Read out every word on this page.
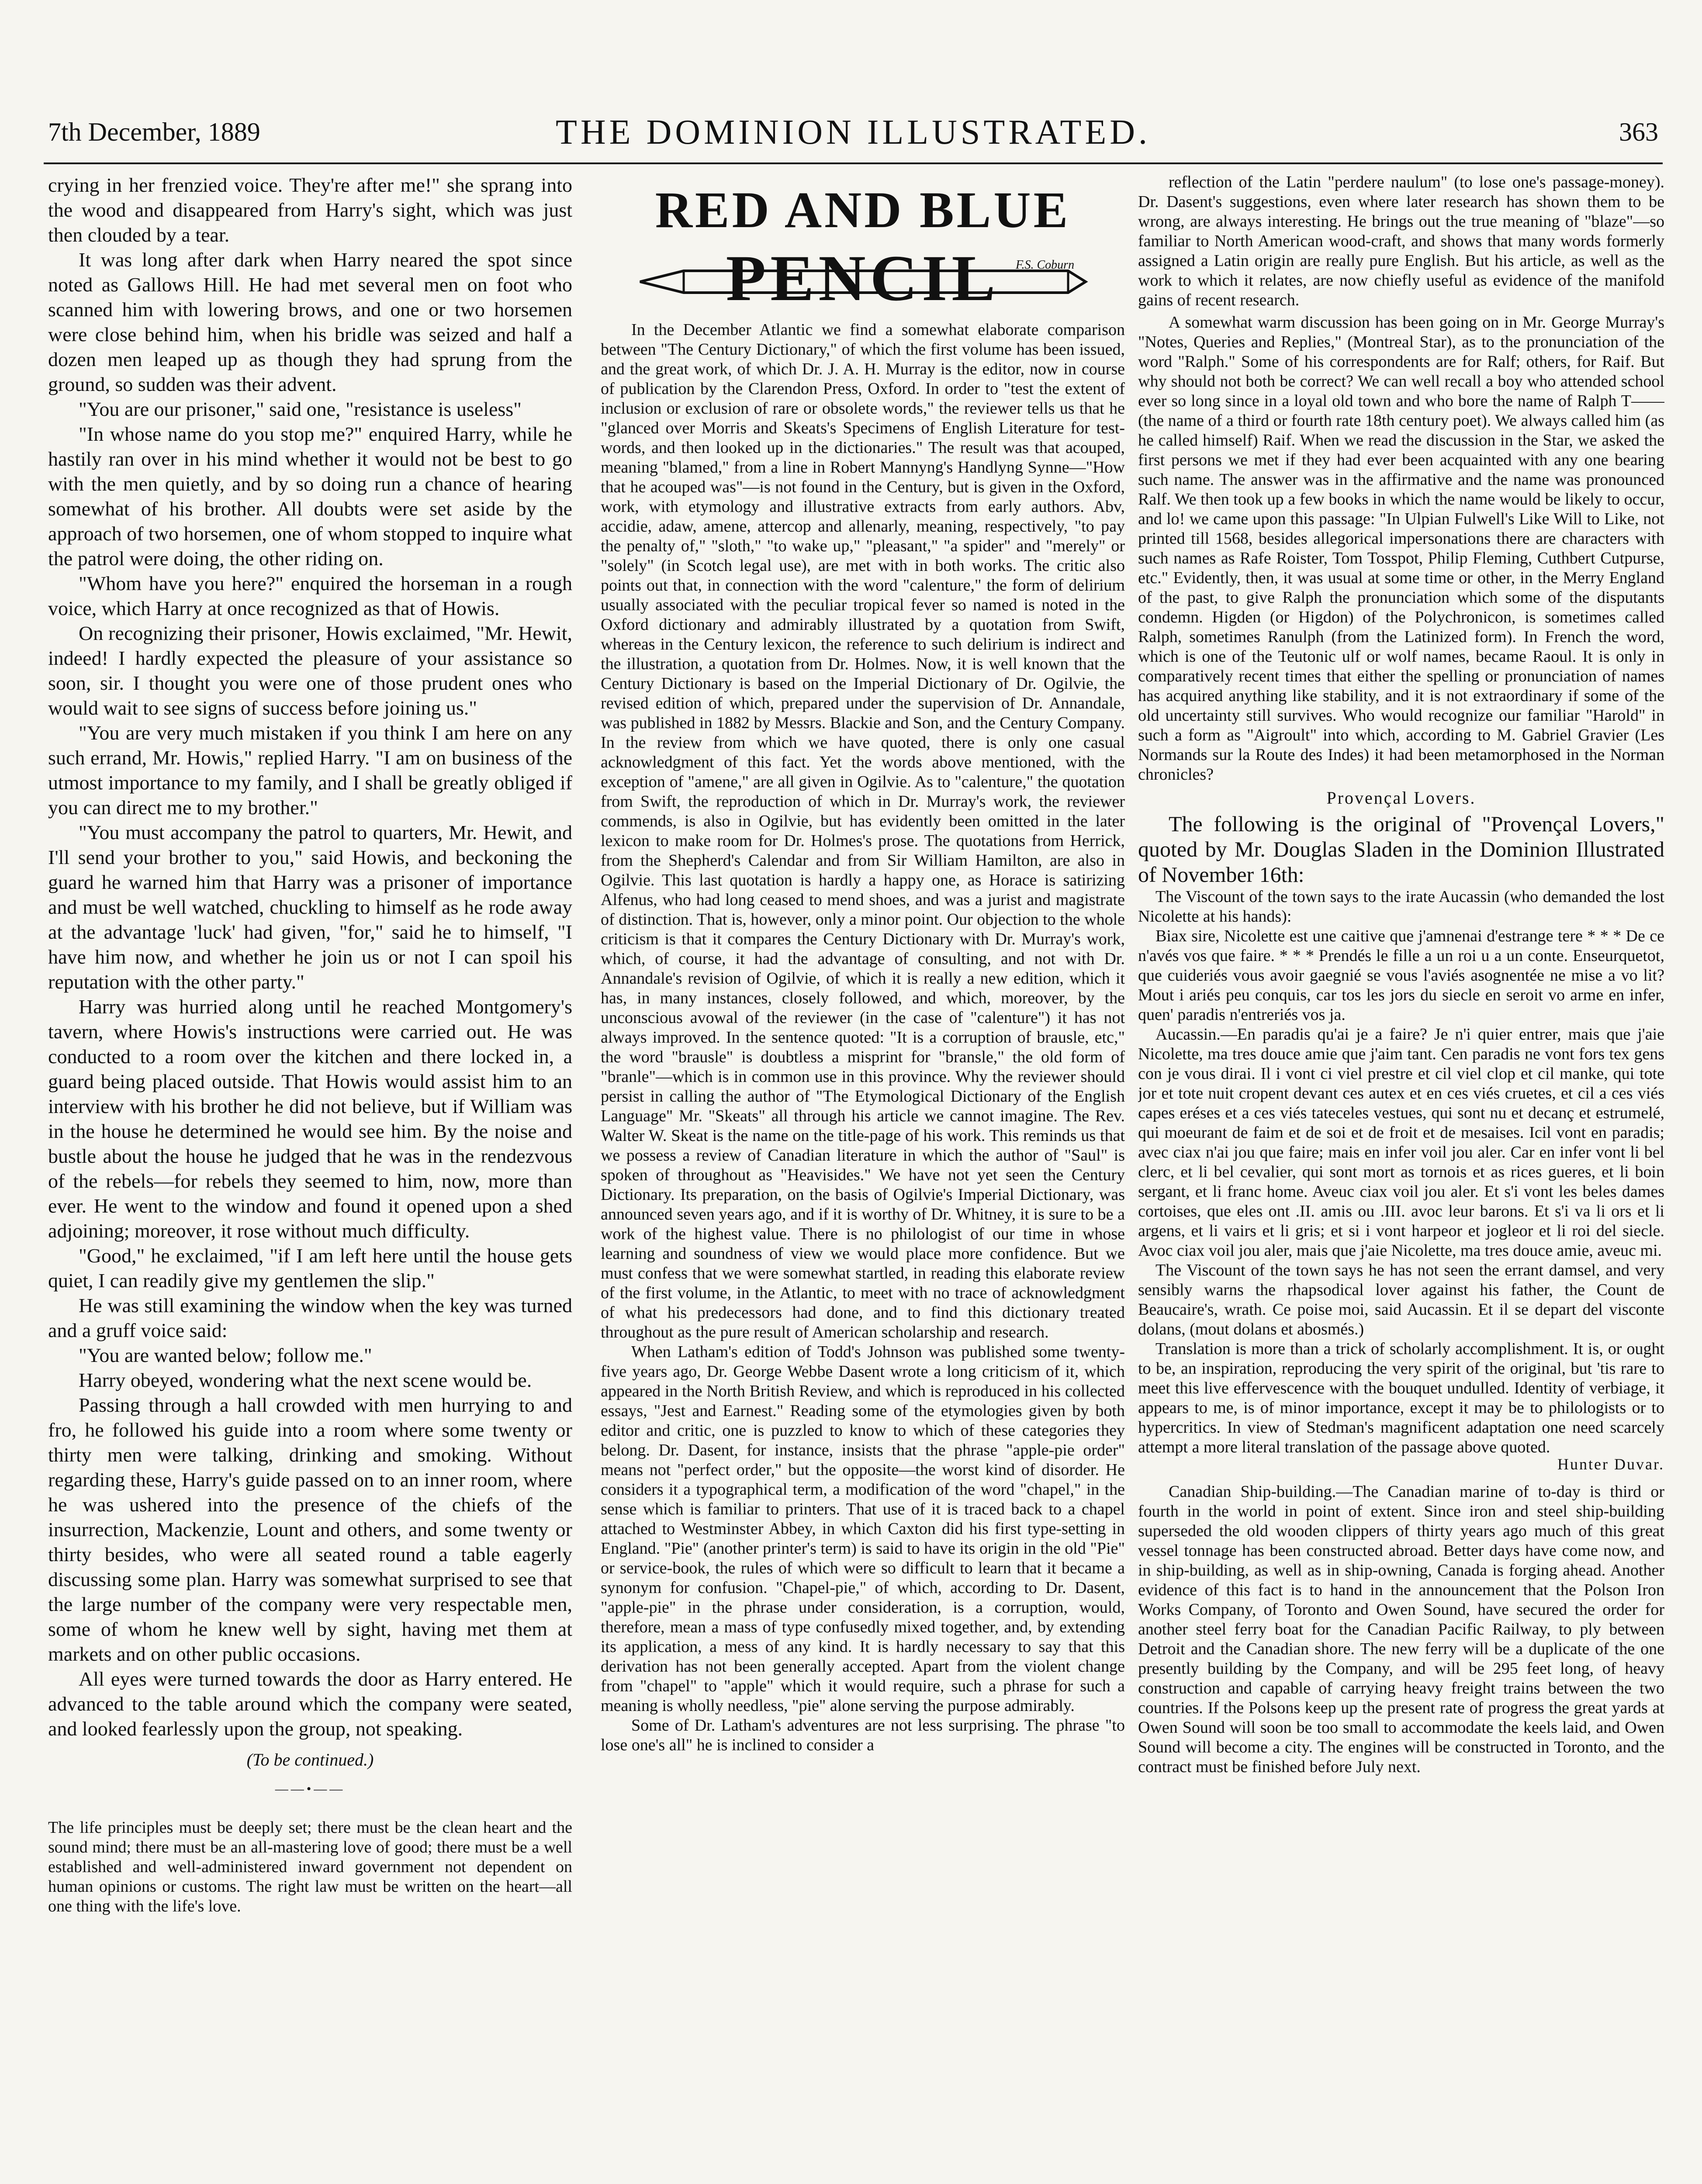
7th December, 1889	THE DOMINION ILLUSTRATED.	363

crying in her frenzied voice. They're after me!" she sprang into the wood and disappeared from Harry's sight, which was just then clouded by a tear.

It was long after dark when Harry neared the spot since noted as Gallows Hill. He had met several men on foot who scanned him with lowering brows, and one or two horsemen were close behind him, when his bridle was seized and half a dozen men leaped up as though they had sprung from the ground, so sudden was their advent.

"You are our prisoner," said one, "resistance is useless"

"In whose name do you stop me?" enquired Harry, while he hastily ran over in his mind whether it would not be best to go with the men quietly, and by so doing run a chance of hearing somewhat of his brother. All doubts were set aside by the approach of two horsemen, one of whom stopped to inquire what the patrol were doing, the other riding on.

"Whom have you here?" enquired the horseman in a rough voice, which Harry at once recognized as that of Howis.

On recognizing their prisoner, Howis exclaimed, "Mr. Hewit, indeed! I hardly expected the pleasure of your assistance so soon, sir. I thought you were one of those prudent ones who would wait to see signs of success before joining us."

"You are very much mistaken if you think I am here on any such errand, Mr. Howis," replied Harry. "I am on business of the utmost importance to my family, and I shall be greatly obliged if you can direct me to my brother."

"You must accompany the patrol to quarters, Mr. Hewit, and I'll send your brother to you," said Howis, and beckoning the guard he warned him that Harry was a prisoner of importance and must be well watched, chuckling to himself as he rode away at the advantage 'luck' had given, "for," said he to himself, "I have him now, and whether he join us or not I can spoil his reputation with the other party."

Harry was hurried along until he reached Montgomery's tavern, where Howis's instructions were carried out. He was conducted to a room over the kitchen and there locked in, a guard being placed outside. That Howis would assist him to an interview with his brother he did not believe, but if William was in the house he determined he would see him. By the noise and bustle about the house he judged that he was in the rendezvous of the rebels—for rebels they seemed to him, now, more than ever. He went to the window and found it opened upon a shed adjoining; moreover, it rose without much difficulty.

"Good," he exclaimed, "if I am left here until the house gets quiet, I can readily give my gentlemen the slip."

He was still examining the window when the key was turned and a gruff voice said:

"You are wanted below; follow me."

Harry obeyed, wondering what the next scene would be.

Passing through a hall crowded with men hurrying to and fro, he followed his guide into a room where some twenty or thirty men were talking, drinking and smoking. Without regarding these, Harry's guide passed on to an inner room, where he was ushered into the presence of the chiefs of the insurrection, Mackenzie, Lount and others, and some twenty or thirty besides, who were all seated round a table eagerly discussing some plan. Harry was somewhat surprised to see that the large number of the company were very respectable men, some of whom he knew well by sight, having met them at markets and on other public occasions.

All eyes were turned towards the door as Harry entered. He advanced to the table around which the company were seated, and looked fearlessly upon the group, not speaking.

(To be continued.)
——•——

The life principles must be deeply set; there must be the clean heart and the sound mind; there must be an all-mastering love of good; there must be a well established and well-administered inward government not dependent on human opinions or customs. The right law must be written on the heart—all one thing with the life's love.

RED AND BLUE
PENCIL F.S. Coburn

In the December Atlantic we find a somewhat elaborate comparison between "The Century Dictionary," of which the first volume has been issued, and the great work, of which Dr. J. A. H. Murray is the editor, now in course of publication by the Clarendon Press, Oxford. In order to "test the extent of inclusion or exclusion of rare or obsolete words," the reviewer tells us that he "glanced over Morris and Skeats's Specimens of English Literature for test-words, and then looked up in the dictionaries." The result was that acouped, meaning "blamed," from a line in Robert Mannyng's Handlyng Synne—"How that he acouped was"—is not found in the Century, but is given in the Oxford, work, with etymology and illustrative extracts from early authors. Abv, accidie, adaw, amene, attercop and allenarly, meaning, respectively, "to pay the penalty of," "sloth," "to wake up," "pleasant," "a spider" and "merely" or "solely" (in Scotch legal use), are met with in both works. The critic also points out that, in connection with the word "calenture," the form of delirium usually associated with the peculiar tropical fever so named is noted in the Oxford dictionary and admirably illustrated by a quotation from Swift, whereas in the Century lexicon, the reference to such delirium is indirect and the illustration, a quotation from Dr. Holmes. Now, it is well known that the Century Dictionary is based on the Imperial Dictionary of Dr. Ogilvie, the revised edition of which, prepared under the supervision of Dr. Annandale, was published in 1882 by Messrs. Blackie and Son, and the Century Company. In the review from which we have quoted, there is only one casual acknowledgment of this fact. Yet the words above mentioned, with the exception of "amene," are all given in Ogilvie. As to "calenture," the quotation from Swift, the reproduction of which in Dr. Murray's work, the reviewer commends, is also in Ogilvie, but has evidently been omitted in the later lexicon to make room for Dr. Holmes's prose. The quotations from Herrick, from the Shepherd's Calendar and from Sir William Hamilton, are also in Ogilvie. This last quotation is hardly a happy one, as Horace is satirizing Alfenus, who had long ceased to mend shoes, and was a jurist and magistrate of distinction. That is, however, only a minor point. Our objection to the whole criticism is that it compares the Century Dictionary with Dr. Murray's work, which, of course, it had the advantage of consulting, and not with Dr. Annandale's revision of Ogilvie, of which it is really a new edition, which it has, in many instances, closely followed, and which, moreover, by the unconscious avowal of the reviewer (in the case of "calenture") it has not always improved. In the sentence quoted: "It is a corruption of brausle, etc," the word "brausle" is doubtless a misprint for "bransle," the old form of "branle"—which is in common use in this province. Why the reviewer should persist in calling the author of "The Etymological Dictionary of the English Language" Mr. "Skeats" all through his article we cannot imagine. The Rev. Walter W. Skeat is the name on the title-page of his work. This reminds us that we possess a review of Canadian literature in which the author of "Saul" is spoken of throughout as "Heavisides." We have not yet seen the Century Dictionary. Its preparation, on the basis of Ogilvie's Imperial Dictionary, was announced seven years ago, and if it is worthy of Dr. Whitney, it is sure to be a work of the highest value. There is no philologist of our time in whose learning and soundness of view we would place more confidence. But we must confess that we were somewhat startled, in reading this elaborate review of the first volume, in the Atlantic, to meet with no trace of acknowledgment of what his predecessors had done, and to find this dictionary treated throughout as the pure result of American scholarship and research.

When Latham's edition of Todd's Johnson was published some twenty-five years ago, Dr. George Webbe Dasent wrote a long criticism of it, which appeared in the North British Review, and which is reproduced in his collected essays, "Jest and Earnest." Reading some of the etymologies given by both editor and critic, one is puzzled to know to which of these categories they belong. Dr. Dasent, for instance, insists that the phrase "apple-pie order" means not "perfect order," but the opposite—the worst kind of disorder. He considers it a typographical term, a modification of the word "chapel," in the sense which is familiar to printers. That use of it is traced back to a chapel attached to Westminster Abbey, in which Caxton did his first type-setting in England. "Pie" (another printer's term) is said to have its origin in the old "Pie" or service-book, the rules of which were so difficult to learn that it became a synonym for confusion. "Chapel-pie," of which, according to Dr. Dasent, "apple-pie" in the phrase under consideration, is a corruption, would, therefore, mean a mass of type confusedly mixed together, and, by extending its application, a mess of any kind. It is hardly necessary to say that this derivation has not been generally accepted. Apart from the violent change from "chapel" to "apple" which it would require, such a phrase for such a meaning is wholly needless, "pie" alone serving the purpose admirably.

Some of Dr. Latham's adventures are not less surprising. The phrase "to lose one's all" he is inclined to consider a

reflection of the Latin "perdere naulum" (to lose one's passage-money). Dr. Dasent's suggestions, even where later research has shown them to be wrong, are always interesting. He brings out the true meaning of "blaze"—so familiar to North American wood-craft, and shows that many words formerly assigned a Latin origin are really pure English. But his article, as well as the work to which it relates, are now chiefly useful as evidence of the manifold gains of recent research.

A somewhat warm discussion has been going on in Mr. George Murray's "Notes, Queries and Replies," (Montreal Star), as to the pronunciation of the word "Ralph." Some of his correspondents are for Ralf; others, for Raif. But why should not both be correct? We can well recall a boy who attended school ever so long since in a loyal old town and who bore the name of Ralph T—— (the name of a third or fourth rate 18th century poet). We always called him (as he called himself) Raif. When we read the discussion in the Star, we asked the first persons we met if they had ever been acquainted with any one bearing such name. The answer was in the affirmative and the name was pronounced Ralf. We then took up a few books in which the name would be likely to occur, and lo! we came upon this passage: "In Ulpian Fulwell's Like Will to Like, not printed till 1568, besides allegorical impersonations there are characters with such names as Rafe Roister, Tom Tosspot, Philip Fleming, Cuthbert Cutpurse, etc." Evidently, then, it was usual at some time or other, in the Merry England of the past, to give Ralph the pronunciation which some of the disputants condemn. Higden (or Higdon) of the Polychronicon, is sometimes called Ralph, sometimes Ranulph (from the Latinized form). In French the word, which is one of the Teutonic ulf or wolf names, became Raoul. It is only in comparatively recent times that either the spelling or pronunciation of names has acquired anything like stability, and it is not extraordinary if some of the old uncertainty still survives. Who would recognize our familiar "Harold" in such a form as "Aigroult" into which, according to M. Gabriel Gravier (Les Normands sur la Route des Indes) it had been metamorphosed in the Norman chronicles?

Provençal Lovers.

The following is the original of "Provençal Lovers," quoted by Mr. Douglas Sladen in the Dominion Illustrated of November 16th:

The Viscount of the town says to the irate Aucassin (who demanded the lost Nicolette at his hands):

Biax sire, Nicolette est une caitive que j'amnenai d'estrange tere * * * De ce n'avés vos que faire. * * * Prendés le fille a un roi u a un conte. Enseurquetot, que cuideriés vous avoir gaegnié se vous l'aviés asognentée ne mise a vo lit? Mout i ariés peu conquis, car tos les jors du siecle en seroit vo arme en infer, quen' paradis n'entreriés vos ja.

Aucassin.—En paradis qu'ai je a faire? Je n'i quier entrer, mais que j'aie Nicolette, ma tres douce amie que j'aim tant. Cen paradis ne vont fors tex gens con je vous dirai. Il i vont ci viel prestre et cil viel clop et cil manke, qui tote jor et tote nuit cropent devant ces autex et en ces viés cruetes, et cil a ces viés capes eréses et a ces viés tateceles vestues, qui sont nu et decanç et estrumelé, qui moeurant de faim et de soi et de froit et de mesaises. Icil vont en paradis; avec ciax n'ai jou que faire; mais en infer voil jou aler. Car en infer vont li bel clerc, et li bel cevalier, qui sont mort as tornois et as rices gueres, et li boin sergant, et li franc home. Aveuc ciax voil jou aler. Et s'i vont les beles dames cortoises, que eles ont .II. amis ou .III. avoc leur barons. Et s'i va li ors et li argens, et li vairs et li gris; et si i vont harpeor et jogleor et li roi del siecle. Avoc ciax voil jou aler, mais que j'aie Nicolette, ma tres douce amie, aveuc mi.

The Viscount of the town says he has not seen the errant damsel, and very sensibly warns the rhapsodical lover against his father, the Count de Beaucaire's, wrath. Ce poise moi, said Aucassin. Et il se depart del visconte dolans, (mout dolans et abosmés.)

Translation is more than a trick of scholarly accomplishment. It is, or ought to be, an inspiration, reproducing the very spirit of the original, but 'tis rare to meet this live effervescence with the bouquet undulled. Identity of verbiage, it appears to me, is of minor importance, except it may be to philologists or to hypercritics. In view of Stedman's magnificent adaptation one need scarcely attempt a more literal translation of the passage above quoted.

Hunter Duvar.

Canadian Ship-building.—The Canadian marine of to-day is third or fourth in the world in point of extent. Since iron and steel ship-building superseded the old wooden clippers of thirty years ago much of this great vessel tonnage has been constructed abroad. Better days have come now, and in ship-building, as well as in ship-owning, Canada is forging ahead. Another evidence of this fact is to hand in the announcement that the Polson Iron Works Company, of Toronto and Owen Sound, have secured the order for another steel ferry boat for the Canadian Pacific Railway, to ply between Detroit and the Canadian shore. The new ferry will be a duplicate of the one presently building by the Company, and will be 295 feet long, of heavy construction and capable of carrying heavy freight trains between the two countries. If the Polsons keep up the present rate of progress the great yards at Owen Sound will soon be too small to accommodate the keels laid, and Owen Sound will become a city. The engines will be constructed in Toronto, and the contract must be finished before July next.
